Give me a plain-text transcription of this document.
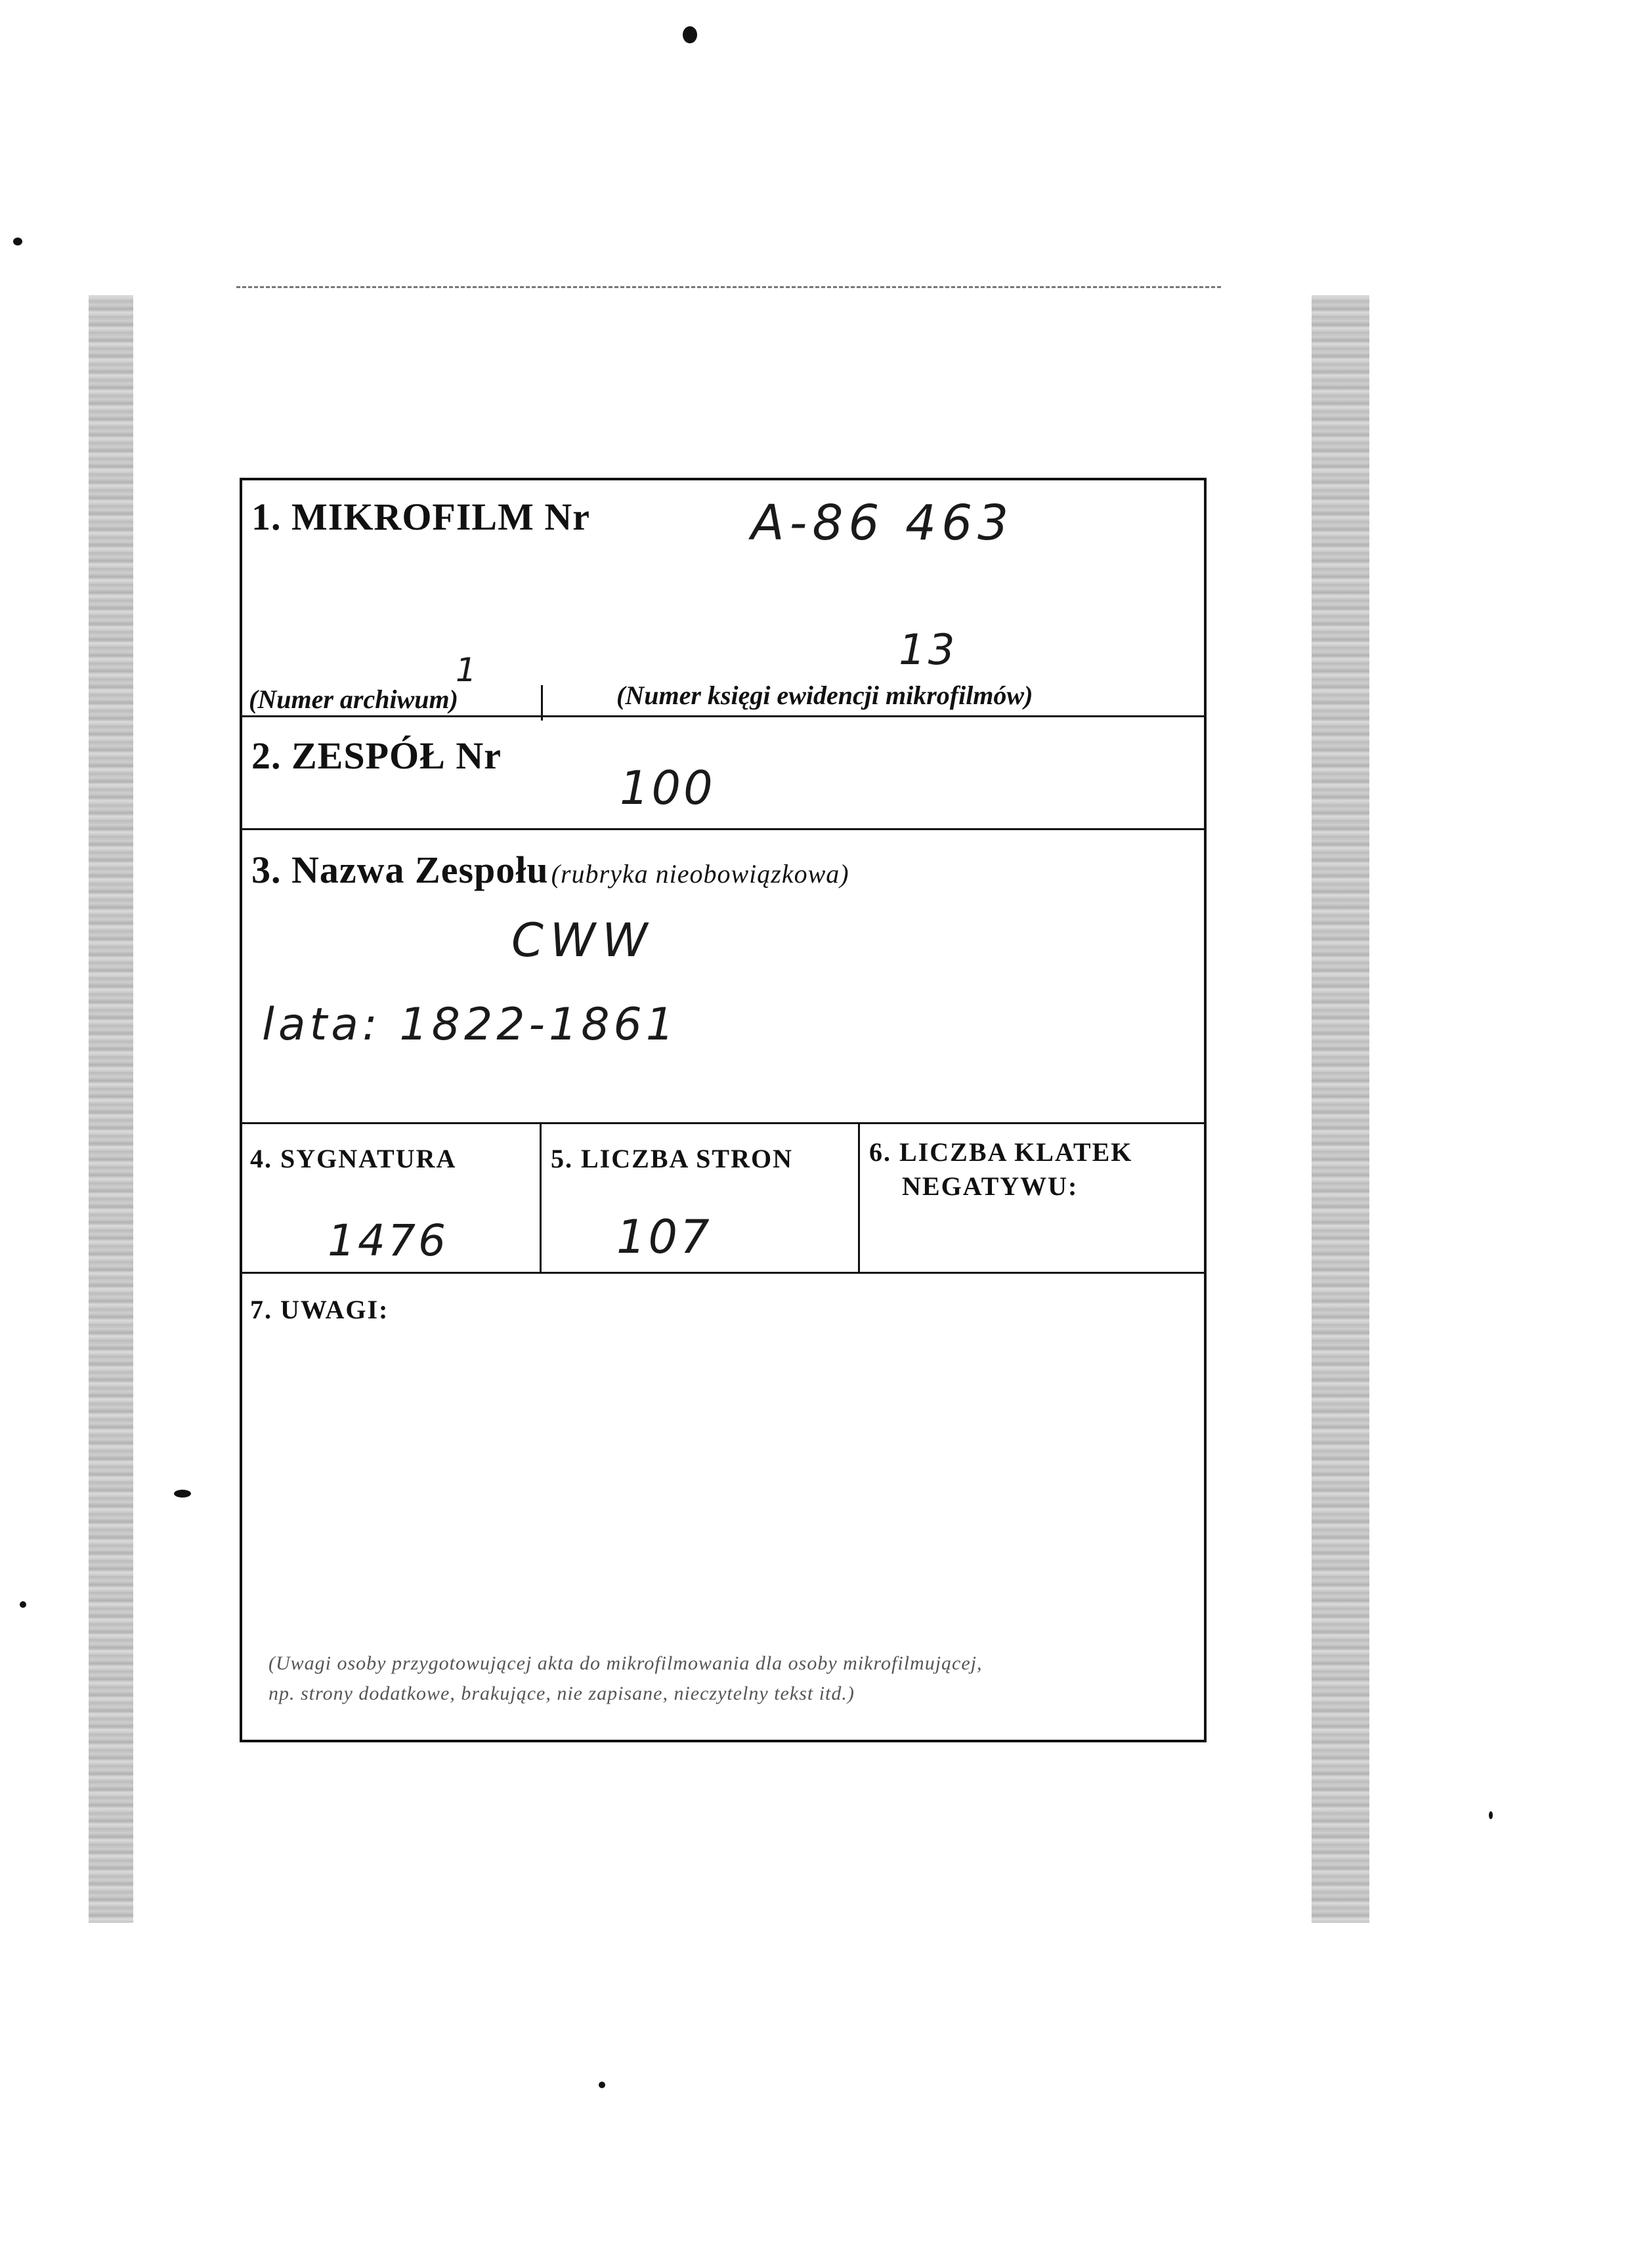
1. MIKROFILM Nr	A-86 463
1	13
(Numer archiwum)	(Numer księgi ewidencji mikrofilmów)
2. ZESPÓŁ Nr
100
3. Nazwa Zespołu (rubryka nieobowiązkowa)
CWW
lata: 1822-1861
4. SYGNATURA	5. LICZBA STRON	6. LICZBA KLATEK
NEGATYWU:
1476	107
7. UWAGI:
(Uwagi osoby przygotowującej akta do mikrofilmowania dla osoby mikrofilmującej,
np. strony dodatkowe, brakujące, nie zapisane, nieczytelny tekst itd.)
